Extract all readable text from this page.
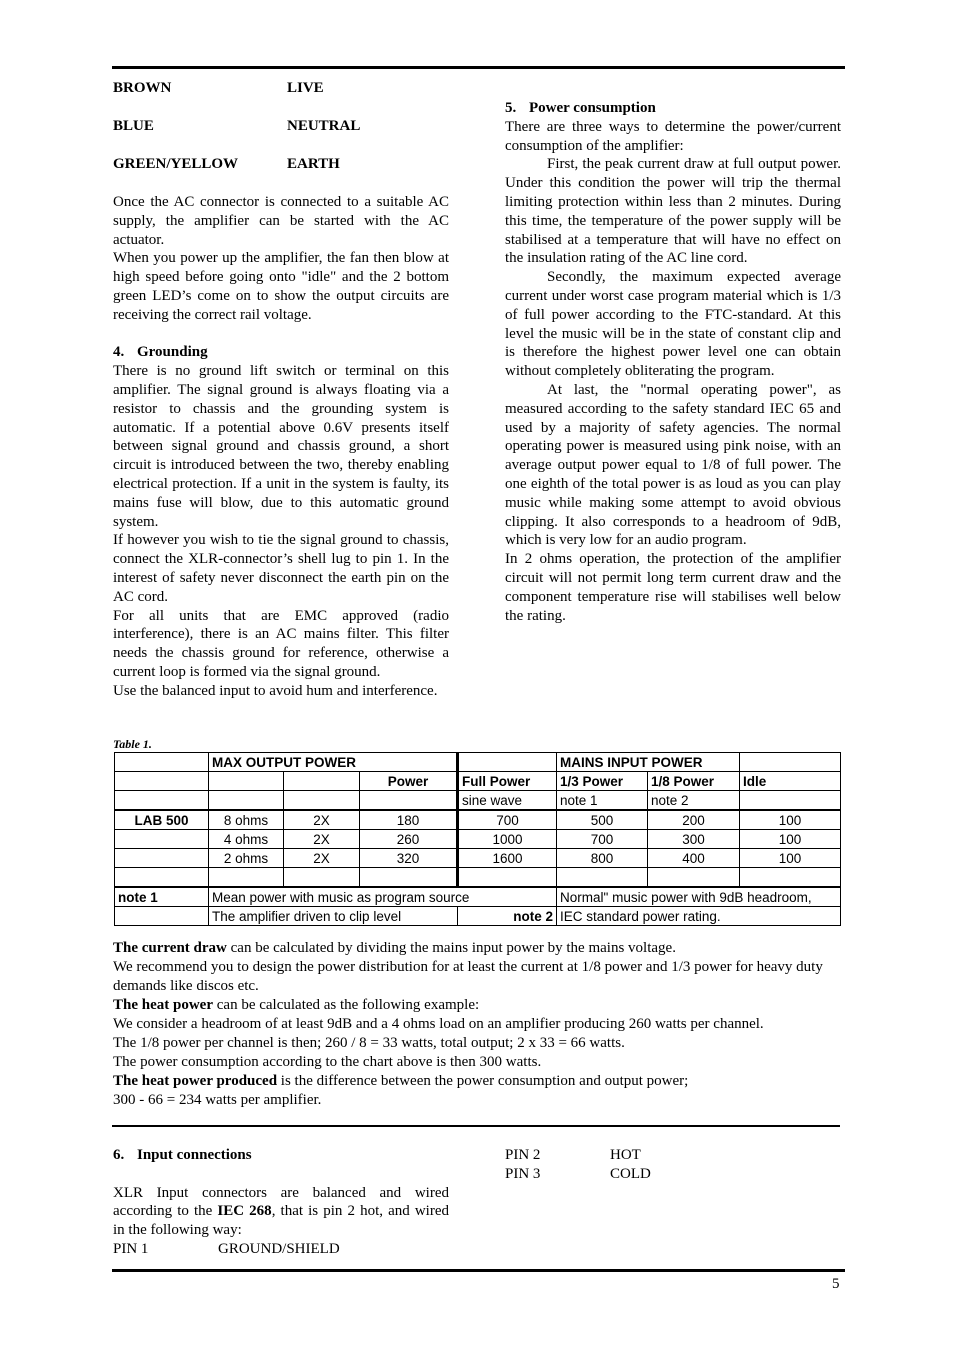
BROWN	LIVE
BLUE	NEUTRAL
GREEN/YELLOW	EARTH

Once the AC connector is connected to a suitable AC supply, the amplifier can be started with the AC actuator.

When you power up the amplifier, the fan then blow at high speed before going onto "idle" and the 2 bottom green LED’s come on to show the output circuits are receiving the correct rail voltage.

4. Grounding

There is no ground lift switch or terminal on this amplifier. The signal ground is always floating via a resistor to chassis and the grounding system is automatic. If a potential above 0.6V presents itself between signal ground and chassis ground, a short circuit is introduced between the two, thereby enabling electrical protection. If a unit in the system is faulty, its mains fuse will blow, due to this automatic ground system.

If however you wish to tie the signal ground to chassis, connect the XLR-connector’s shell lug to pin 1. In the interest of safety never disconnect the earth pin on the AC cord.

For all units that are EMC approved (radio interference), there is an AC mains filter. This filter needs the chassis ground for reference, otherwise a current loop is formed via the signal ground.

Use the balanced input to avoid hum and interference.

5. Power consumption

There are three ways to determine the power/current consumption of the amplifier:

First, the peak current draw at full output power. Under this condition the power will trip the thermal limiting protection within less than 2 minutes. During this time, the temperature of the power supply will be stabilised at a temperature that will have no effect on the insulation rating of the AC line cord.

Secondly, the maximum expected average current under worst case program material which is 1/3 of full power according to the FTC-standard. At this level the music will be in the state of constant clip and is therefore the highest power level one can obtain without completely obliterating the program.

At last, the "normal operating power", as measured according to the safety standard IEC 65 and used by a majority of safety agencies. The normal operating power is measured using pink noise, with an average output power equal to 1/8 of full power. The one eighth of the total power is as loud as you can play music while making some attempt to avoid obvious clipping. It also corresponds to a headroom of 9dB, which is very low for an audio program.

In 2 ohms operation, the protection of the amplifier circuit will not permit long term current draw and the component temperature rise will stabilises well below the rating.

Table 1.
	MAX OUTPUT POWER				MAINS INPUT POWER		
			Power	Full Power	1/3 Power	1/8 Power	Idle
				sine wave	note 1	note 2	
LAB 500	8 ohms	2X	180	700	500	200	100
	4 ohms	2X	260	1000	700	300	100
	2 ohms	2X	320	1600	800	400	100

note 1	Mean power with music as program source				Normal" music power with 9dB headroom,		
	The amplifier driven to clip level			note 2	IEC standard power rating.		

The current draw can be calculated by dividing the mains input power by the mains voltage.

We recommend you to design the power distribution for at least the current at 1/8 power and 1/3 power for heavy duty demands like discos etc.

The heat power can be calculated as the following example:

We consider a headroom of at least 9dB and a 4 ohms load on an amplifier producing 260 watts per channel.

The 1/8 power per channel is then; 260 / 8 = 33 watts, total output; 2 x 33 = 66 watts.

The power consumption according to the chart above is then 300 watts.

The heat power produced is the difference between the power consumption and output power;

300 - 66 = 234 watts per amplifier.

6. Input connections

XLR Input connectors are balanced and wired according to the IEC 268, that is pin 2 hot, and wired in the following way:

PIN 1	GROUND/SHIELD
PIN 2	HOT
PIN 3	COLD
5
